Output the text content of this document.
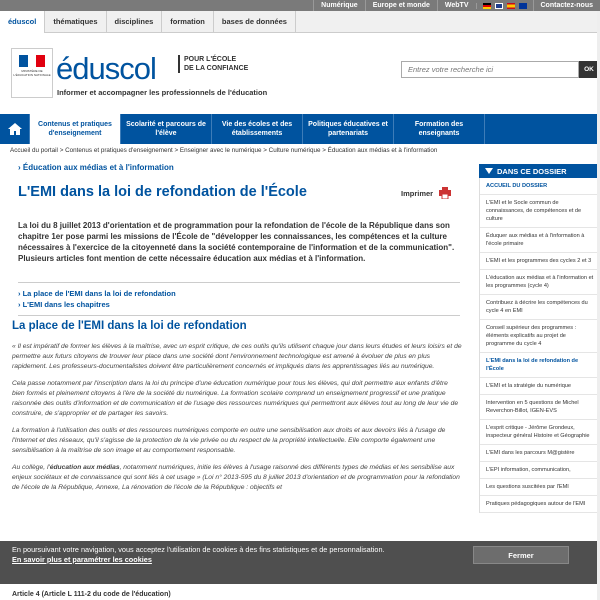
Numérique	Europe et monde	WebTV	Contactez-nous
éduscol	thématiques	disciplines	formation	bases de données
MINISTÈRE DE L'ÉDUCATION NATIONALE éduscol	POUR L'ÉCOLE
DE LA CONFIANCE
Informer et accompagner les professionnels de l'éducation
Entrez votre recherche ici
OK
Contenus et pratiques d'enseignement
Scolarité et parcours de l'élève
Vie des écoles et des établissements
Politiques éducatives et partenariats
Formation des enseignants
Accueil du portail > Contenus et pratiques d'enseignement > Enseigner avec le numérique > Culture numérique > Éducation aux médias et à l'information
› Éducation aux médias et à l'information
L'EMI dans la loi de refondation de l'École	Imprimer

La loi du 8 juillet 2013 d'orientation et de programmation pour la refondation de l'école de la République dans son chapitre 1er pose parmi les missions de l'École de "développer les connaissances, les compétences et la culture nécessaires à l'exercice de la citoyenneté dans la société contemporaine de l'information et de la communication". Plusieurs articles font mention de cette nécessaire éducation aux médias et à l'information.

› La place de l'EMI dans la loi de refondation
› L'EMI dans les chapitres
La place de l'EMI dans la loi de refondation

« Il est impératif de former les élèves à la maîtrise, avec un esprit critique, de ces outils qu'ils utilisent chaque jour dans leurs études et leurs loisirs et de permettre aux futurs citoyens de trouver leur place dans une société dont l'environnement technologique est amené à évoluer de plus en plus rapidement. Les professeurs-documentalistes doivent être particulièrement concernés et impliqués dans les apprentissages liés au numérique.

Cela passe notamment par l'inscription dans la loi du principe d'une éducation numérique pour tous les élèves, qui doit permettre aux enfants d'être bien formés et pleinement citoyens à l'ère de la société du numérique. La formation scolaire comprend un enseignement progressif et une pratique raisonnée des outils d'information et de communication et de l'usage des ressources numériques qui permettront aux élèves tout au long de leur vie de construire, de s'approprier et de partager les savoirs.

La formation à l'utilisation des outils et des ressources numériques comporte en outre une sensibilisation aux droits et aux devoirs liés à l'usage de l'Internet et des réseaux, qu'il s'agisse de la protection de la vie privée ou du respect de la propriété intellectuelle. Elle comporte également une sensibilisation à la maîtrise de son image et au comportement responsable.

Au collège, l'éducation aux médias, notamment numériques, initie les élèves à l'usage raisonné des différents types de médias et les sensibilise aux enjeux sociétaux et de connaissance qui sont liés à cet usage » (Loi n° 2013-595 du 8 juillet 2013 d'orientation et de programmation pour la refondation de l'école de la République, Annexe, La rénovation de l'école de la République : objectifs et

DANS CE DOSSIER
ACCUEIL DU DOSSIER
L'EMI et le Socle commun de connaissances, de compétences et de culture
Éduquer aux médias et à l'information à l'école primaire
L'EMI et les programmes des cycles 2 et 3
L'éducation aux médias et à l'information et les programmes (cycle 4)
Contribuez à décrire les compétences du cycle 4 en EMI
Conseil supérieur des programmes : éléments explicatifs au projet de programme du cycle 4
L'EMI dans la loi de refondation de l'École
L'EMI et la stratégie du numérique
Intervention en 5 questions de Michel Reverchon-Billot, IGEN-EVS
L'esprit critique - Jérôme Grondeux, inspecteur général Histoire et Géographie
L'EMI dans les parcours M@gistère
L'EPI information, communication,
Les questions suscitées par l'EMI
Pratiques pédagogiques autour de l'EMI
Article 4 (Article L 111-2 du code de l'éducation)
En poursuivant votre navigation, vous acceptez l'utilisation de cookies à des fins statistiques et de personnalisation.
En savoir plus et paramétrer les cookies	Fermer
